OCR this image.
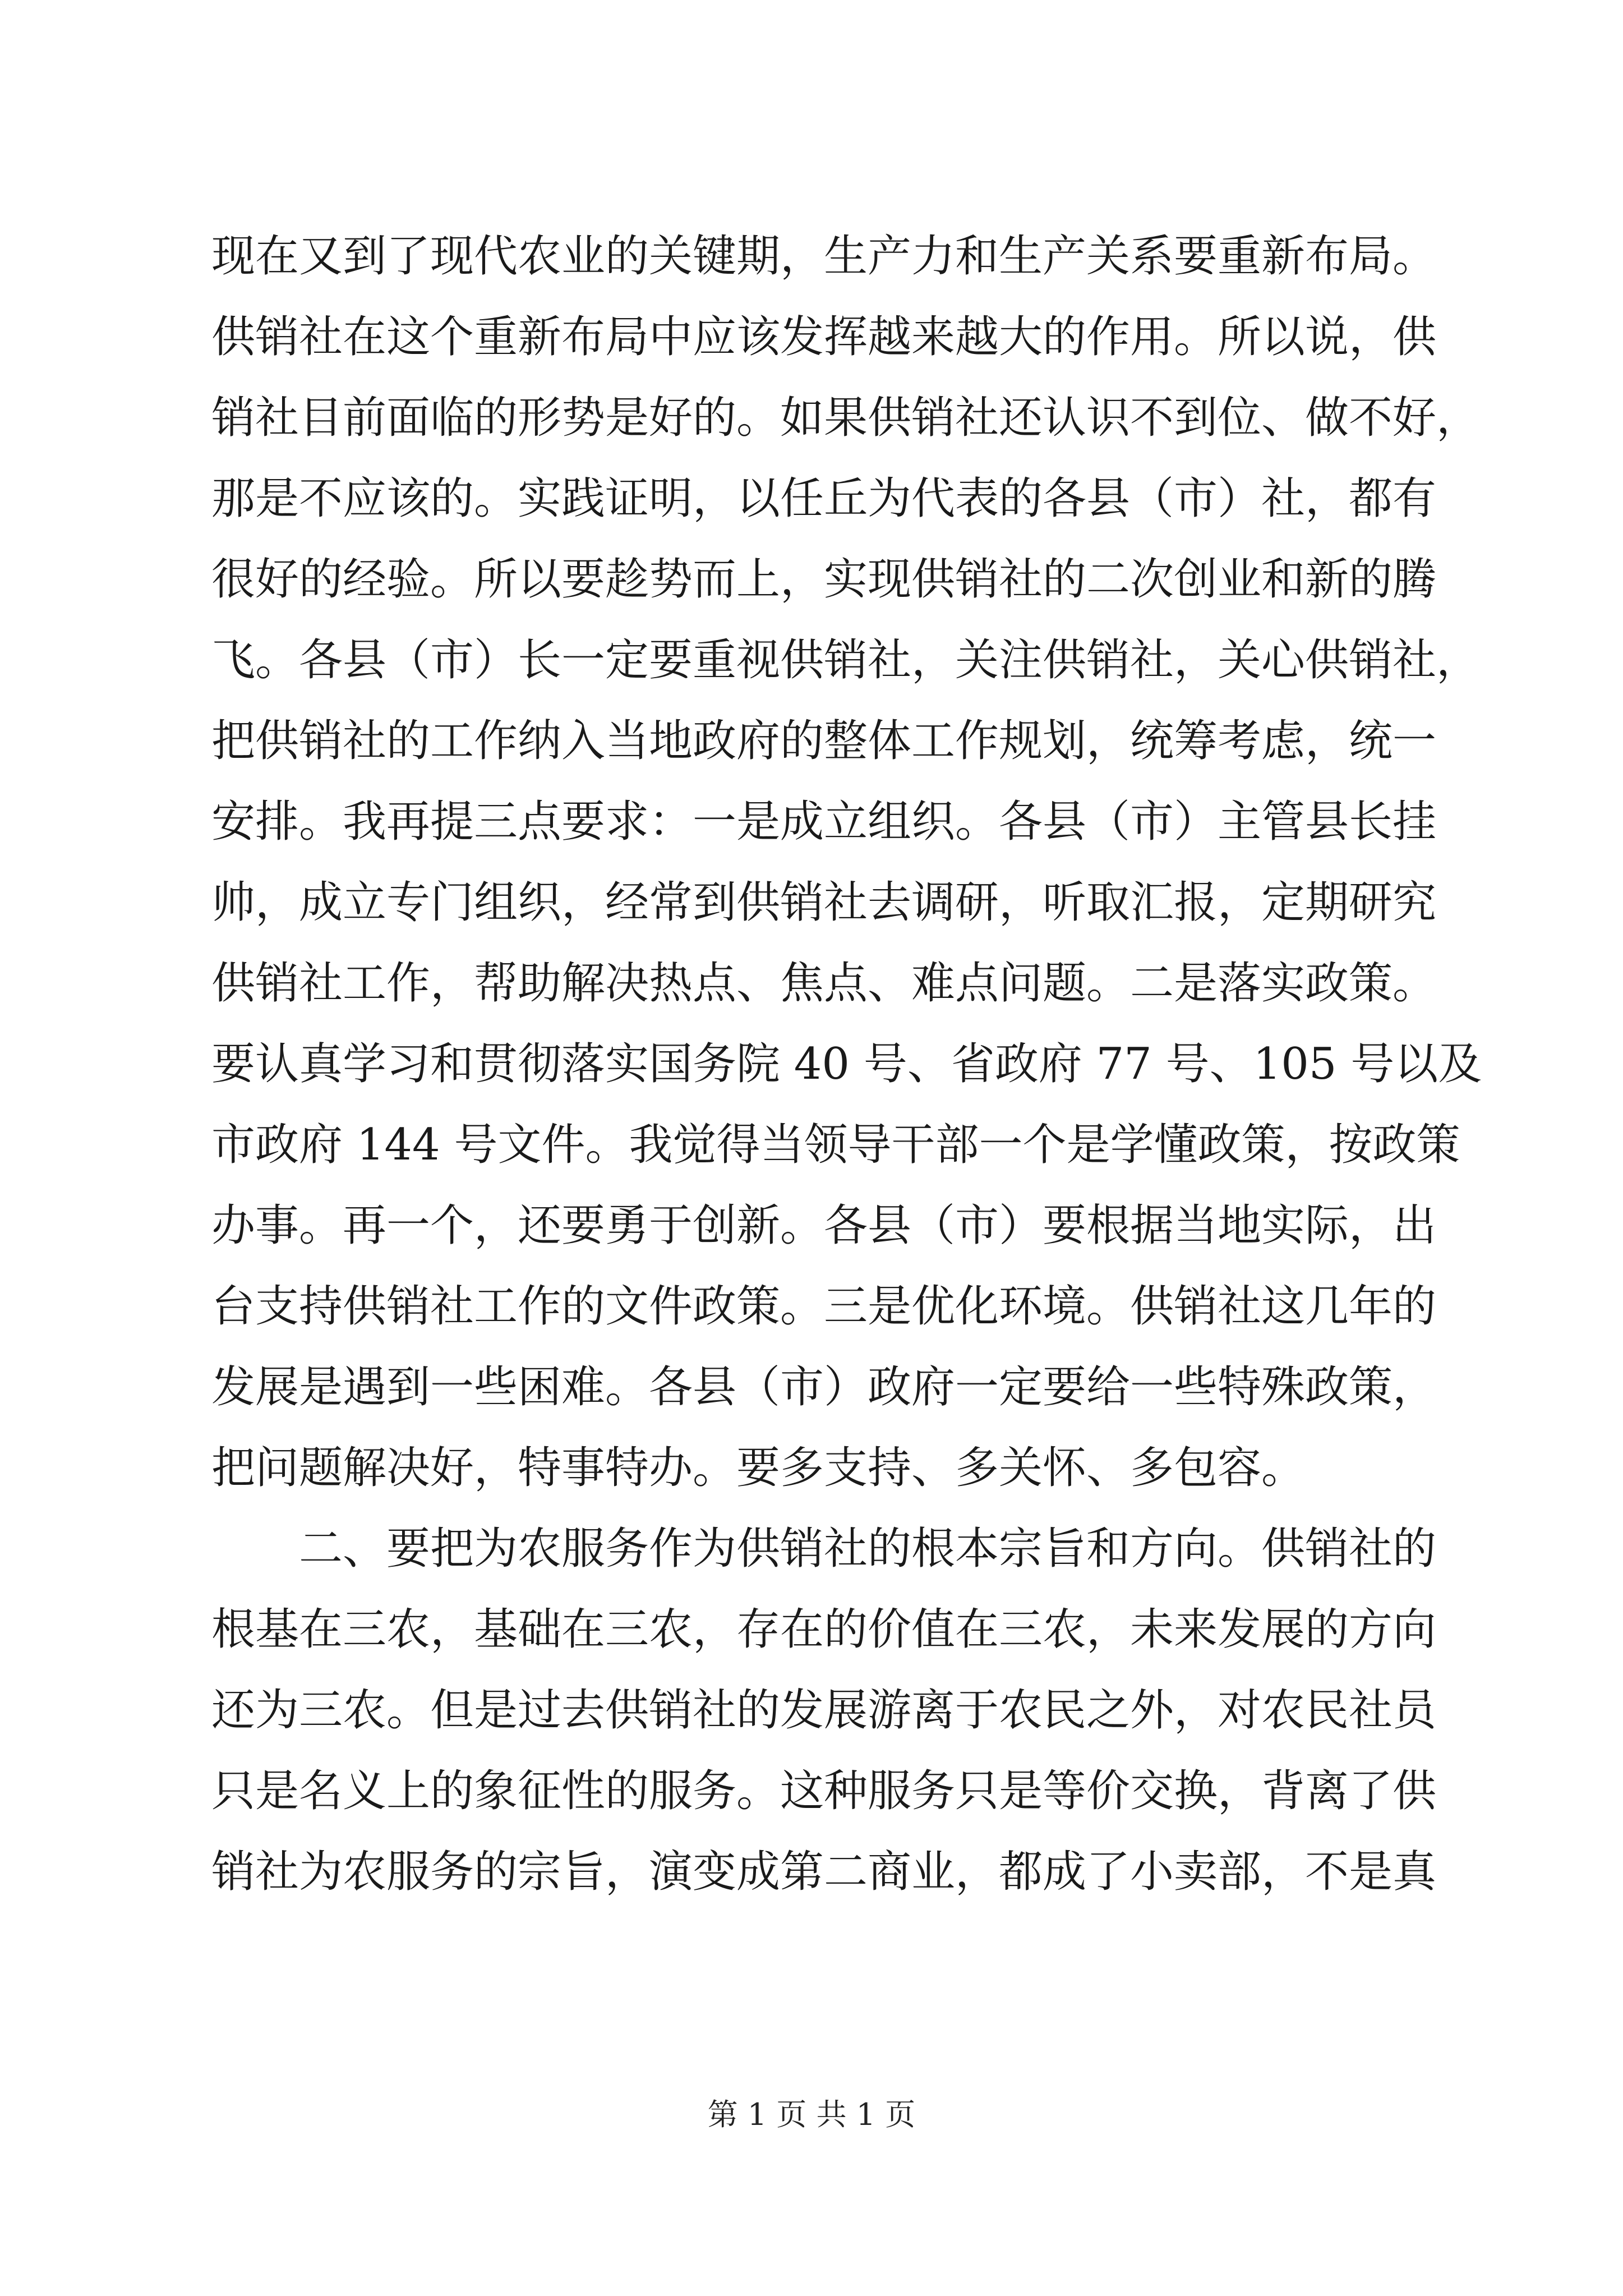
现在又到了现代农业的关键期，生产力和生产关系要重新布局。
供销社在这个重新布局中应该发挥越来越大的作用。所以说，供
销社目前面临的形势是好的。如果供销社还认识不到位、做不好，
那是不应该的。实践证明，以任丘为代表的各县（市）社，都有
很好的经验。所以要趁势而上，实现供销社的二次创业和新的腾
飞。各县（市）长一定要重视供销社，关注供销社，关心供销社，
把供销社的工作纳入当地政府的整体工作规划，统筹考虑，统一
安排。我再提三点要求：一是成立组织。各县（市）主管县长挂
帅，成立专门组织，经常到供销社去调研，听取汇报，定期研究
供销社工作，帮助解决热点、焦点、难点问题。二是落实政策。
要认真学习和贯彻落实国务院 40 号、省政府 77 号、105 号以及
市政府 144 号文件。我觉得当领导干部一个是学懂政策，按政策
办事。再一个，还要勇于创新。各县（市）要根据当地实际，出
台支持供销社工作的文件政策。三是优化环境。供销社这几年的
发展是遇到一些困难。各县（市）政府一定要给一些特殊政策，
把问题解决好，特事特办。要多支持、多关怀、多包容。
二、要把为农服务作为供销社的根本宗旨和方向。供销社的
根基在三农，基础在三农，存在的价值在三农，未来发展的方向
还为三农。但是过去供销社的发展游离于农民之外，对农民社员
只是名义上的象征性的服务。这种服务只是等价交换，背离了供
销社为农服务的宗旨，演变成第二商业，都成了小卖部，不是真
第 1 页 共 1 页
